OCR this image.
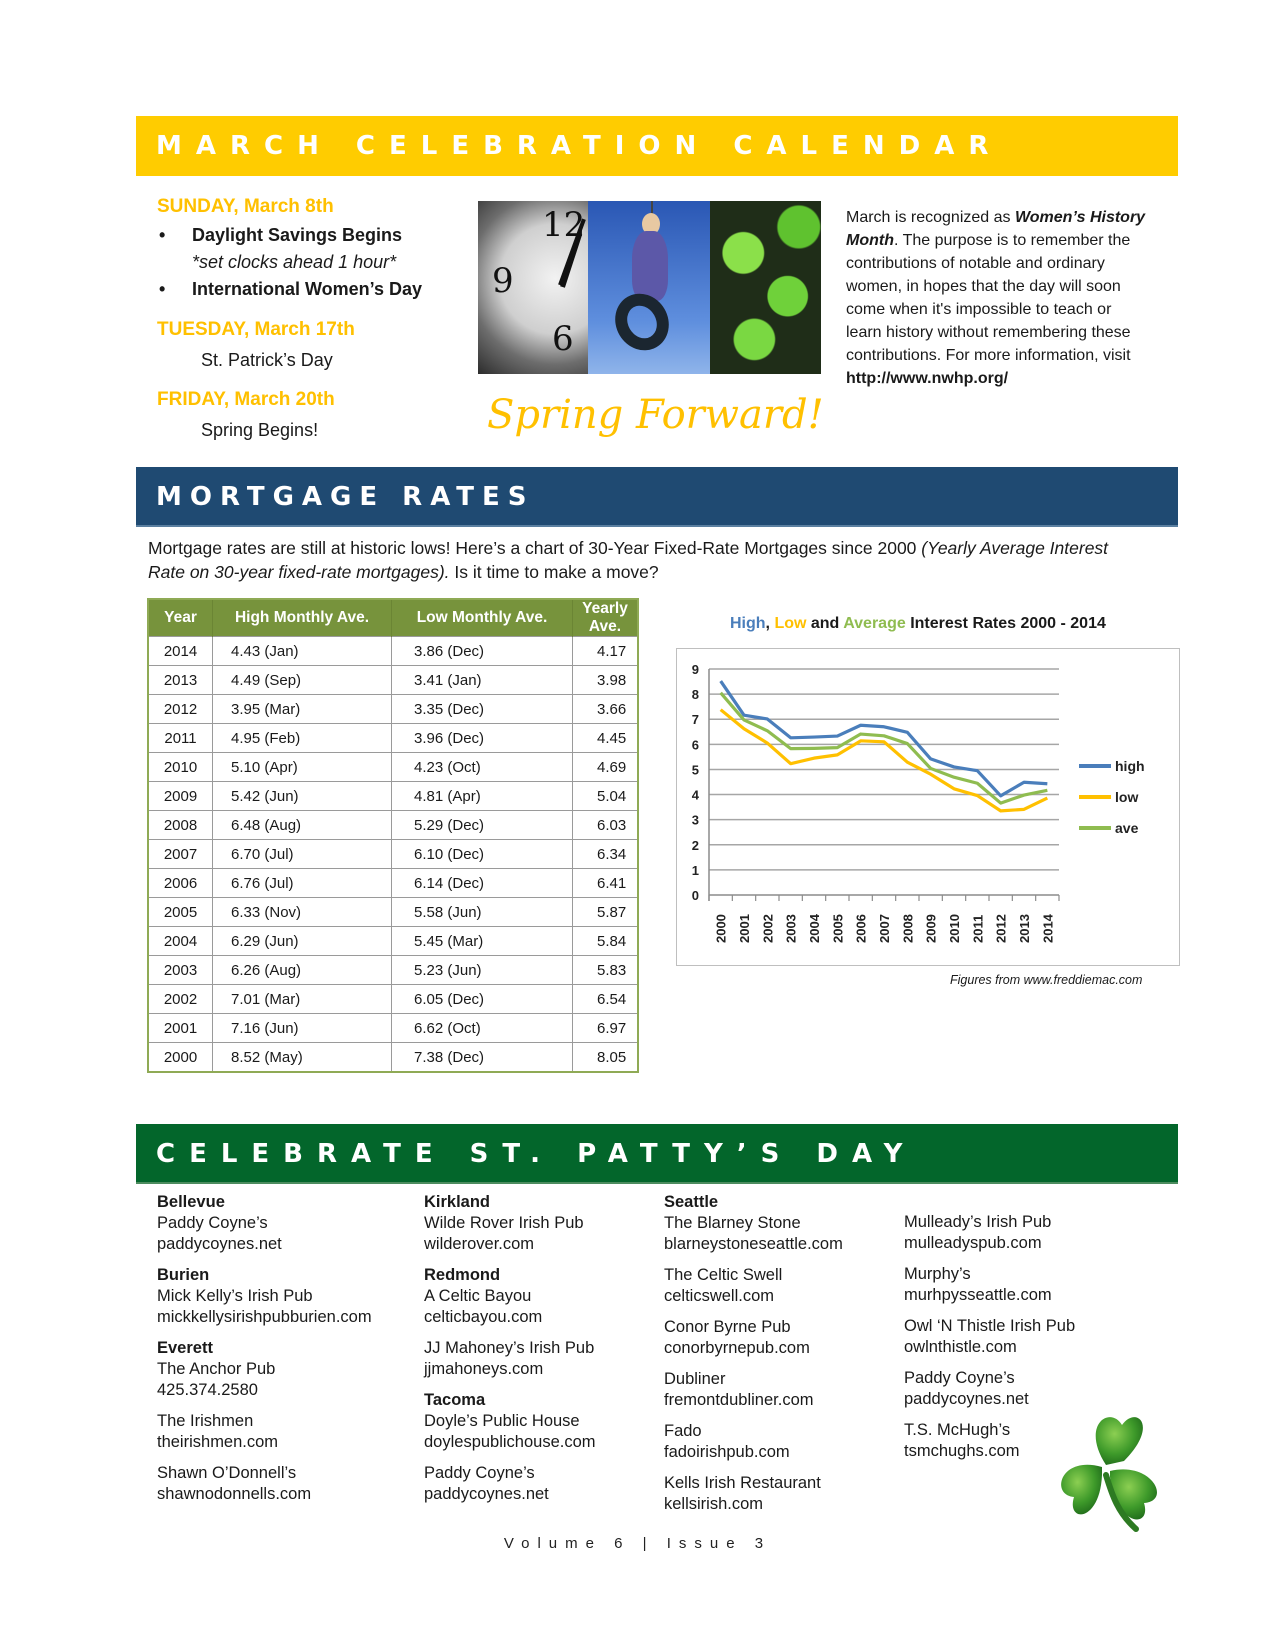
MARCH CELEBRATION CALENDAR

SUNDAY, March 8th

• Daylight Savings Begins
*set clocks ahead 1 hour*
• International Women’s Day

TUESDAY, March 17th

St. Patrick’s Day

FRIDAY, March 20th

Spring Begins!

12
9
6
Spring Forward!
March is recognized as Women’s History Month. The purpose is to remember the contributions of notable and ordinary women, in hopes that the day will soon come when it's impossible to teach or learn history without remembering these contributions. For more information, visit http://www.nwhp.org/
MORTGAGE RATES
Mortgage rates are still at historic lows! Here’s a chart of 30-Year Fixed-Rate Mortgages since 2000 (Yearly Average Interest Rate on 30-year fixed-rate mortgages). Is it time to make a move?
Year	High Monthly Ave.	Low Monthly Ave.	Yearly Ave.
2014	4.43 (Jan)	3.86 (Dec)	4.17
2013	4.49 (Sep)	3.41 (Jan)	3.98
2012	3.95 (Mar)	3.35 (Dec)	3.66
2011	4.95 (Feb)	3.96 (Dec)	4.45
2010	5.10 (Apr)	4.23 (Oct)	4.69
2009	5.42 (Jun)	4.81 (Apr)	5.04
2008	6.48 (Aug)	5.29 (Dec)	6.03
2007	6.70 (Jul)	6.10 (Dec)	6.34
2006	6.76 (Jul)	6.14 (Dec)	6.41
2005	6.33 (Nov)	5.58 (Jun)	5.87
2004	6.29 (Jun)	5.45 (Mar)	5.84
2003	6.26 (Aug)	5.23 (Jun)	5.83
2002	7.01 (Mar)	6.05 (Dec)	6.54
2001	7.16 (Jun)	6.62 (Oct)	6.97
2000	8.52 (May)	7.38 (Dec)	8.05
High, Low and Average Interest Rates 2000 - 2014
0
1
2
3
4
5
6
7
8
9
2000 2001 2002 2003 2004 2005 2006 2007 2008 2009 2010 2011 2012 2013 2014
high
low
ave
Figures from www.freddiemac.com
CELEBRATE ST. PATTY’S DAY
Bellevue
Paddy Coyne’s
paddycoynes.net
Burien
Mick Kelly’s Irish Pub
mickkellysirishpubburien.com
Everett
The Anchor Pub
425.374.2580
The Irishmen
theirishmen.com
Shawn O’Donnell’s
shawnodonnells.com
Kirkland
Wilde Rover Irish Pub
wilderover.com
Redmond
A Celtic Bayou
celticbayou.com
JJ Mahoney’s Irish Pub
jjmahoneys.com
Tacoma
Doyle’s Public House
doylespublichouse.com
Paddy Coyne’s
paddycoynes.net
Seattle
The Blarney Stone
blarneystoneseattle.com
The Celtic Swell
celticswell.com
Conor Byrne Pub
conorbyrnepub.com
Dubliner
fremontdubliner.com
Fado
fadoirishpub.com
Kells Irish Restaurant
kellsirish.com
Mulleady’s Irish Pub
mulleadyspub.com
Murphy’s
murhpysseattle.com
Owl ‘N Thistle Irish Pub
owlnthistle.com
Paddy Coyne’s
paddycoynes.net
T.S. McHugh’s
tsmchughs.com
Volume 6 | Issue 3
